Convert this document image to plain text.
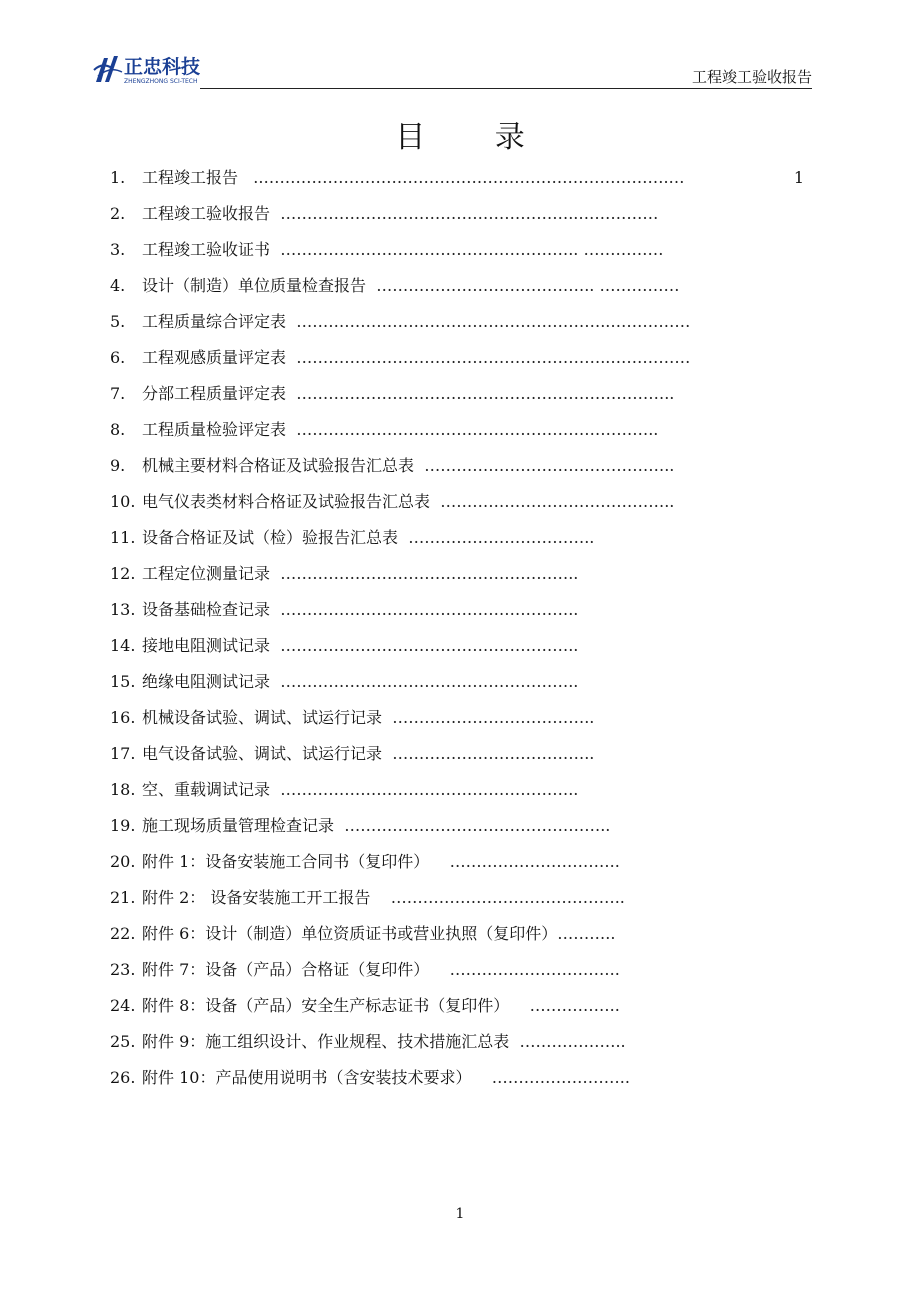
正忠科技
ZHENGZHONG SCI-TECH	工程竣工验收报告
目 录
1. 工程竣工报告 ..………………………………………………………………….…	1
2. 工程竣工验收报告 ………………………………………………..……………
3. 工程竣工验收证书 ……………………………………………….. ……………
4. 设计（制造）单位质量检查报告 ………………………………….. ……………
5. 工程质量综合评定表 …………………………………………………..……………
6. 工程观感质量评定表 …………………………………………………..……………
7. 分部工程质量评定表 ……………………………………………………………..
8. 工程质量检验评定表 …………………………………………………………..
9. 机械主要材料合格证及试验报告汇总表 ………………………………………..
10. 电气仪表类材料合格证及试验报告汇总表 ……………………………………..
11. 设备合格证及试（检）验报告汇总表 ……………………………..
12. 工程定位测量记录 ………………………………………………..
13. 设备基础检查记录 ………………………………………………..
14. 接地电阻测试记录 ………………………………………………..
15. 绝缘电阻测试记录 ………………………………………………..
16. 机械设备试验、调试、试运行记录 ………………………………..
17. 电气设备试验、调试、试运行记录 ………………………………..
18. 空、重载调试记录 ………………………………………………..
19. 施工现场质量管理检查记录 …………………………………………..
20. 附件 1：设备安装施工合同书（复印件） …………………………..
21. 附件 2： 设备安装施工开工报告 ……………………………………..
22. 附件 6：设计（制造）单位资质证书或营业执照（复印件）………..
23. 附件 7：设备（产品）合格证（复印件） …………………………..
24. 附件 8：设备（产品）安全生产标志证书（复印件） ……………..
25. 附件 9：施工组织设计、作业规程、技术措施汇总表 ………………..
26. 附件 10：产品使用说明书（含安装技术要求） ……………………..
1
